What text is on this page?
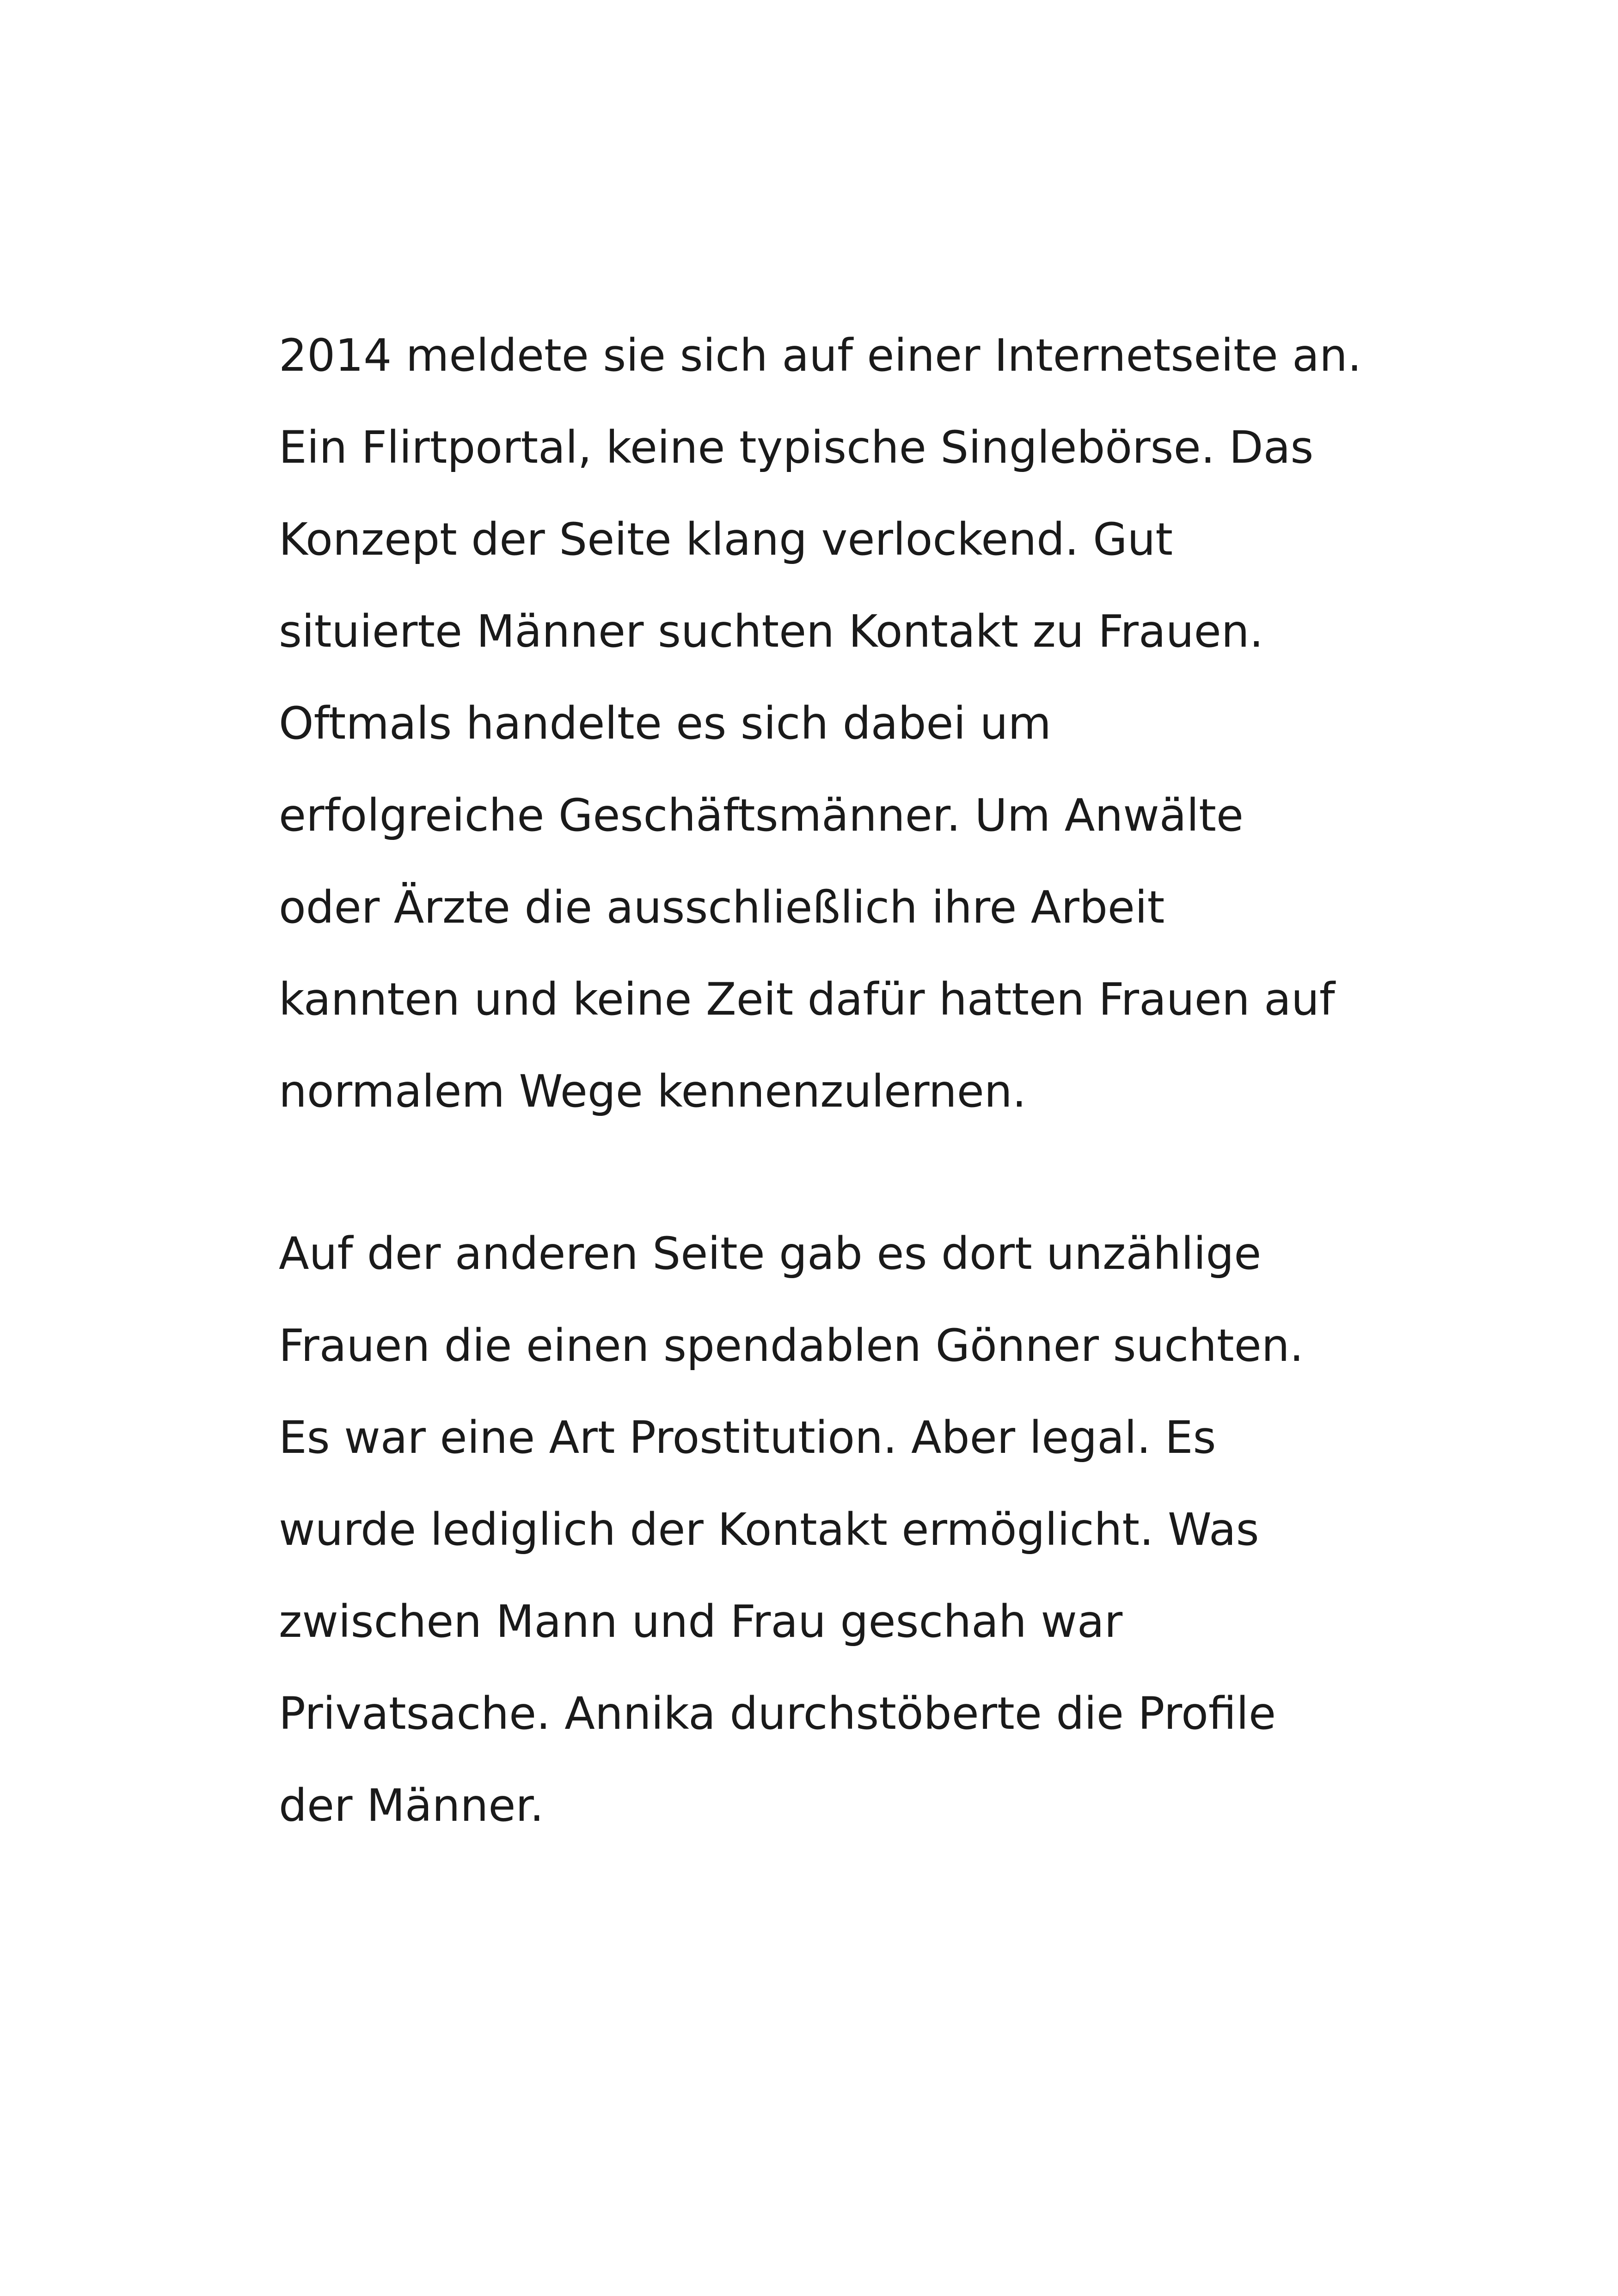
2014 meldete sie sich auf einer Internetseite an.
Ein Flirtportal, keine typische Singlebörse. Das
Konzept der Seite klang verlockend. Gut
situierte Männer suchten Kontakt zu Frauen.
Oftmals handelte es sich dabei um
erfolgreiche Geschäftsmänner. Um Anwälte
oder Ärzte die ausschließlich ihre Arbeit
kannten und keine Zeit dafür hatten Frauen auf
normalem Wege kennenzulernen.
Auf der anderen Seite gab es dort unzählige
Frauen die einen spendablen Gönner suchten.
Es war eine Art Prostitution. Aber legal. Es
wurde lediglich der Kontakt ermöglicht. Was
zwischen Mann und Frau geschah war
Privatsache. Annika durchstöberte die Profile
der Männer.
